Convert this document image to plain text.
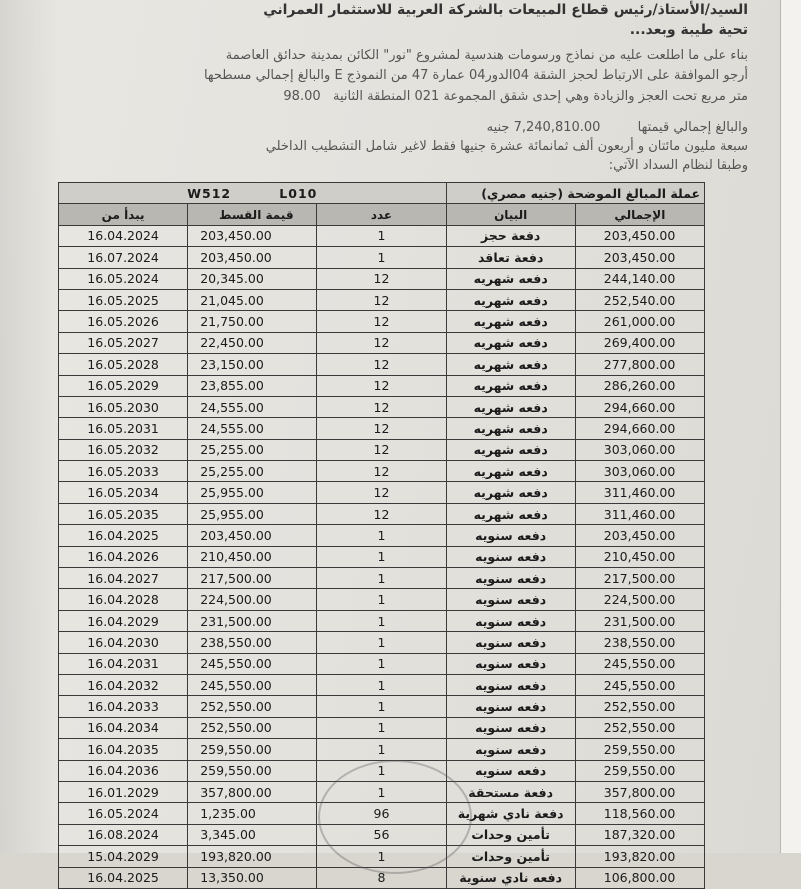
السيد/الأستاذ/رئيس قطاع المبيعات بالشركة العربية للاستثمار العمراني
تحية طيبة وبعد...
بناء على ما اطلعت عليه من نماذج ورسومات هندسية لمشروع "نور" الكائن بمدينة حدائق العاصمة
أرجو الموافقة على الارتباط لحجز الشقة 04الدور04 عمارة 47 من النموذج E والبالغ إجمالي مسطحها
متر مربع تحت العجز والزيادة وهي إحدى شقق المجموعة 021 المنطقة الثانية   98.00
والبالغ إجمالي قيمتها         7,240,810.00 جنيه
سبعة مليون مائتان و أربعون ألف ثمانمائة عشرة جنيها فقط لاغير شامل التشطيب الداخلي
وطبقا لنظام السداد الآتي:
W512 L010			عملة المبالغ الموضحة (جنيه مصري)	
يبدأ من	قيمة القسط	عدد	البيان	الإجمالي
16.04.2024	203,450.00	1	دفعة حجز	203,450.00
16.07.2024	203,450.00	1	دفعة تعاقد	203,450.00
16.05.2024	20,345.00	12	دفعه شهريه	244,140.00
16.05.2025	21,045.00	12	دفعه شهريه	252,540.00
16.05.2026	21,750.00	12	دفعه شهريه	261,000.00
16.05.2027	22,450.00	12	دفعه شهريه	269,400.00
16.05.2028	23,150.00	12	دفعه شهريه	277,800.00
16.05.2029	23,855.00	12	دفعه شهريه	286,260.00
16.05.2030	24,555.00	12	دفعه شهريه	294,660.00
16.05.2031	24,555.00	12	دفعه شهريه	294,660.00
16.05.2032	25,255.00	12	دفعه شهريه	303,060.00
16.05.2033	25,255.00	12	دفعه شهريه	303,060.00
16.05.2034	25,955.00	12	دفعه شهريه	311,460.00
16.05.2035	25,955.00	12	دفعه شهريه	311,460.00
16.04.2025	203,450.00	1	دفعه سنويه	203,450.00
16.04.2026	210,450.00	1	دفعه سنويه	210,450.00
16.04.2027	217,500.00	1	دفعه سنويه	217,500.00
16.04.2028	224,500.00	1	دفعه سنويه	224,500.00
16.04.2029	231,500.00	1	دفعه سنويه	231,500.00
16.04.2030	238,550.00	1	دفعه سنويه	238,550.00
16.04.2031	245,550.00	1	دفعه سنويه	245,550.00
16.04.2032	245,550.00	1	دفعه سنويه	245,550.00
16.04.2033	252,550.00	1	دفعه سنويه	252,550.00
16.04.2034	252,550.00	1	دفعه سنويه	252,550.00
16.04.2035	259,550.00	1	دفعه سنويه	259,550.00
16.04.2036	259,550.00	1	دفعه سنويه	259,550.00
16.01.2029	357,800.00	1	دفعة مستحقة	357,800.00
16.05.2024	1,235.00	96	دفعة نادي شهرية	118,560.00
16.08.2024	3,345.00	56	تأمين وحدات	187,320.00
15.04.2029	193,820.00	1	تأمين وحدات	193,820.00
16.04.2025	13,350.00	8	دفعه نادي سنوية	106,800.00
